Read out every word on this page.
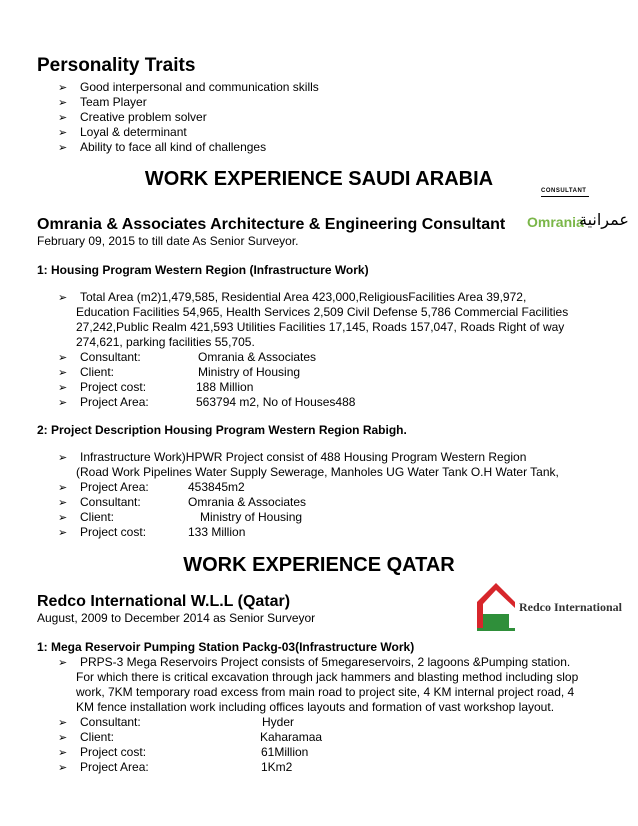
Personality Traits
➢ Good interpersonal and communication skills
➢ Team Player
➢ Creative problem solver
➢ Loyal & determinant
➢ Ability to face all kind of challenges
WORK EXPERIENCE SAUDI ARABIA
CONSULTANT
Omrania
عمرانية
Omrania & Associates Architecture & Engineering Consultant
February 09, 2015 to till date As Senior Surveyor.
1: Housing Program Western Region (Infrastructure Work)
➢ Total Area (m2)1,479,585, Residential Area 423,000,ReligiousFacilities Area 39,972,
Education Facilities 54,965, Health Services 2,509 Civil Defense 5,786 Commercial Facilities
27,242,Public Realm 421,593 Utilities Facilities 17,145, Roads 157,047, Roads Right of way
274,621, parking facilities 55,705.
➢ Consultant:	Omrania & Associates
➢ Client:	Ministry of Housing
➢ Project cost:	188 Million
➢ Project Area:	563794 m2, No of Houses488
2: Project Description Housing Program Western Region Rabigh.
➢ Infrastructure Work)HPWR Project consist of 488 Housing Program Western Region
(Road Work Pipelines Water Supply Sewerage, Manholes UG Water Tank O.H Water Tank,
➢ Project Area:	453845m2
➢ Consultant:	Omrania & Associates
➢ Client:	Ministry of Housing
➢ Project cost:	133 Million
WORK EXPERIENCE QATAR
Redco International
Redco International W.L.L (Qatar)
August, 2009 to December 2014 as Senior Surveyor
1: Mega Reservoir Pumping Station Packg-03(Infrastructure Work)
➢ PRPS-3 Mega Reservoirs Project consists of 5megareservoirs, 2 lagoons &Pumping station.
For which there is critical excavation through jack hammers and blasting method including slop
work, 7KM temporary road excess from main road to project site, 4 KM internal project road, 4
KM fence installation work including offices layouts and formation of vast workshop layout.
➢ Consultant:	Hyder
➢ Client:	Kaharamaa
➢ Project cost:	61Million
➢ Project Area:	1Km2
